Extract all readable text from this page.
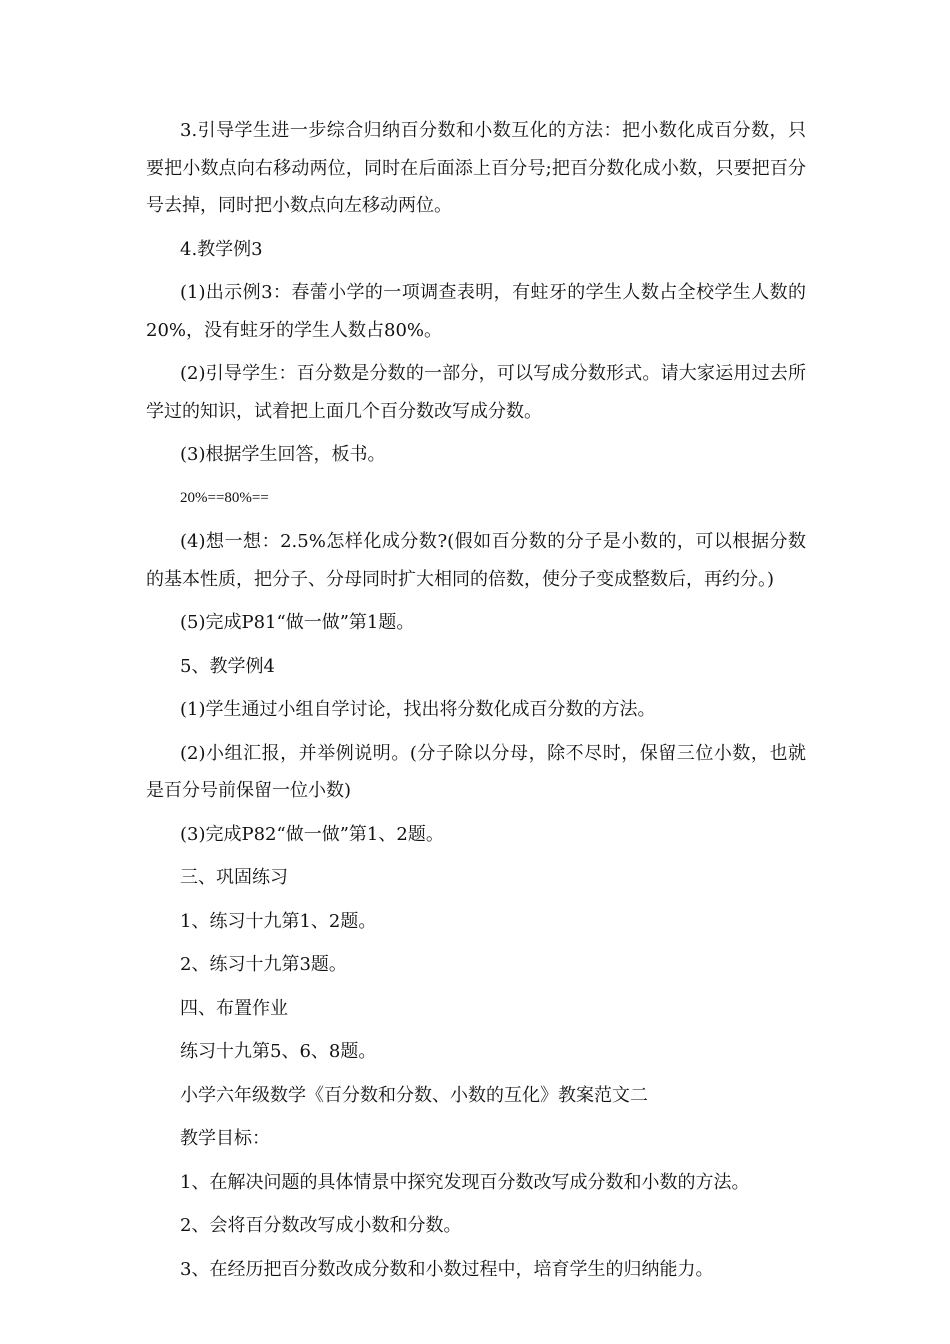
3.引导学生进一步综合归纳百分数和小数互化的方法：把小数化成百分数，只要把小数点向右移动两位，同时在后面添上百分号;把百分数化成小数，只要把百分号去掉，同时把小数点向左移动两位。

4.教学例3

(1)出示例3：春蕾小学的一项调查表明，有蛀牙的学生人数占全校学生人数的20%，没有蛀牙的学生人数占80%。

(2)引导学生：百分数是分数的一部分，可以写成分数形式。请大家运用过去所学过的知识，试着把上面几个百分数改写成分数。

(3)根据学生回答，板书。

20%==80%==

(4)想一想：2.5%怎样化成分数?(假如百分数的分子是小数的，可以根据分数的基本性质，把分子、分母同时扩大相同的倍数，使分子变成整数后，再约分。)

(5)完成P81“做一做”第1题。

5、教学例4

(1)学生通过小组自学讨论，找出将分数化成百分数的方法。

(2)小组汇报，并举例说明。(分子除以分母，除不尽时，保留三位小数，也就是百分号前保留一位小数)

(3)完成P82“做一做”第1、2题。

三、巩固练习

1、练习十九第1、2题。

2、练习十九第3题。

四、布置作业

练习十九第5、6、8题。

小学六年级数学《百分数和分数、小数的互化》教案范文二

教学目标：

1、在解决问题的具体情景中探究发现百分数改写成分数和小数的方法。

2、会将百分数改写成小数和分数。

3、在经历把百分数改成分数和小数过程中，培育学生的归纳能力。
